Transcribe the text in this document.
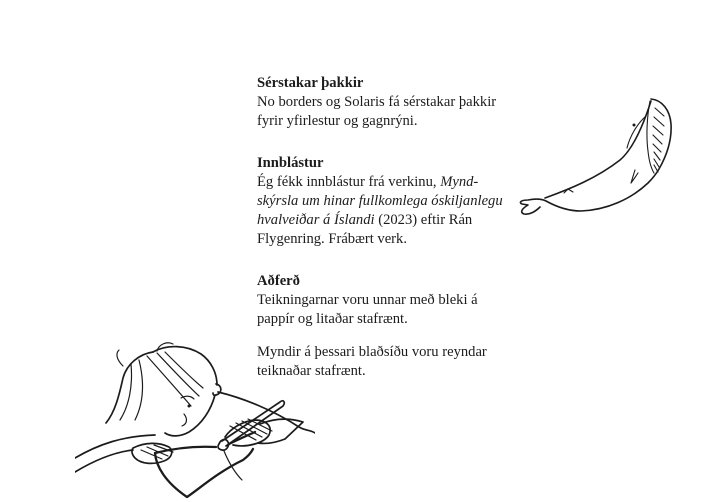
Sérstakar þakkir
No borders og Solaris fá sérstakar þakkir
fyrir yfirlestur og gagnrýni.
Innblástur
Ég fékk innblástur frá verkinu, Mynd-
skýrsla um hinar fullkomlega óskiljanlegu
hvalveiðar á Íslandi (2023) eftir Rán
Flygenring. Frábært verk.
Aðferð
Teikningarnar voru unnar með bleki á
pappír og litaðar stafrænt.
Myndir á þessari blaðsíðu voru reyndar
teiknaðar stafrænt.
